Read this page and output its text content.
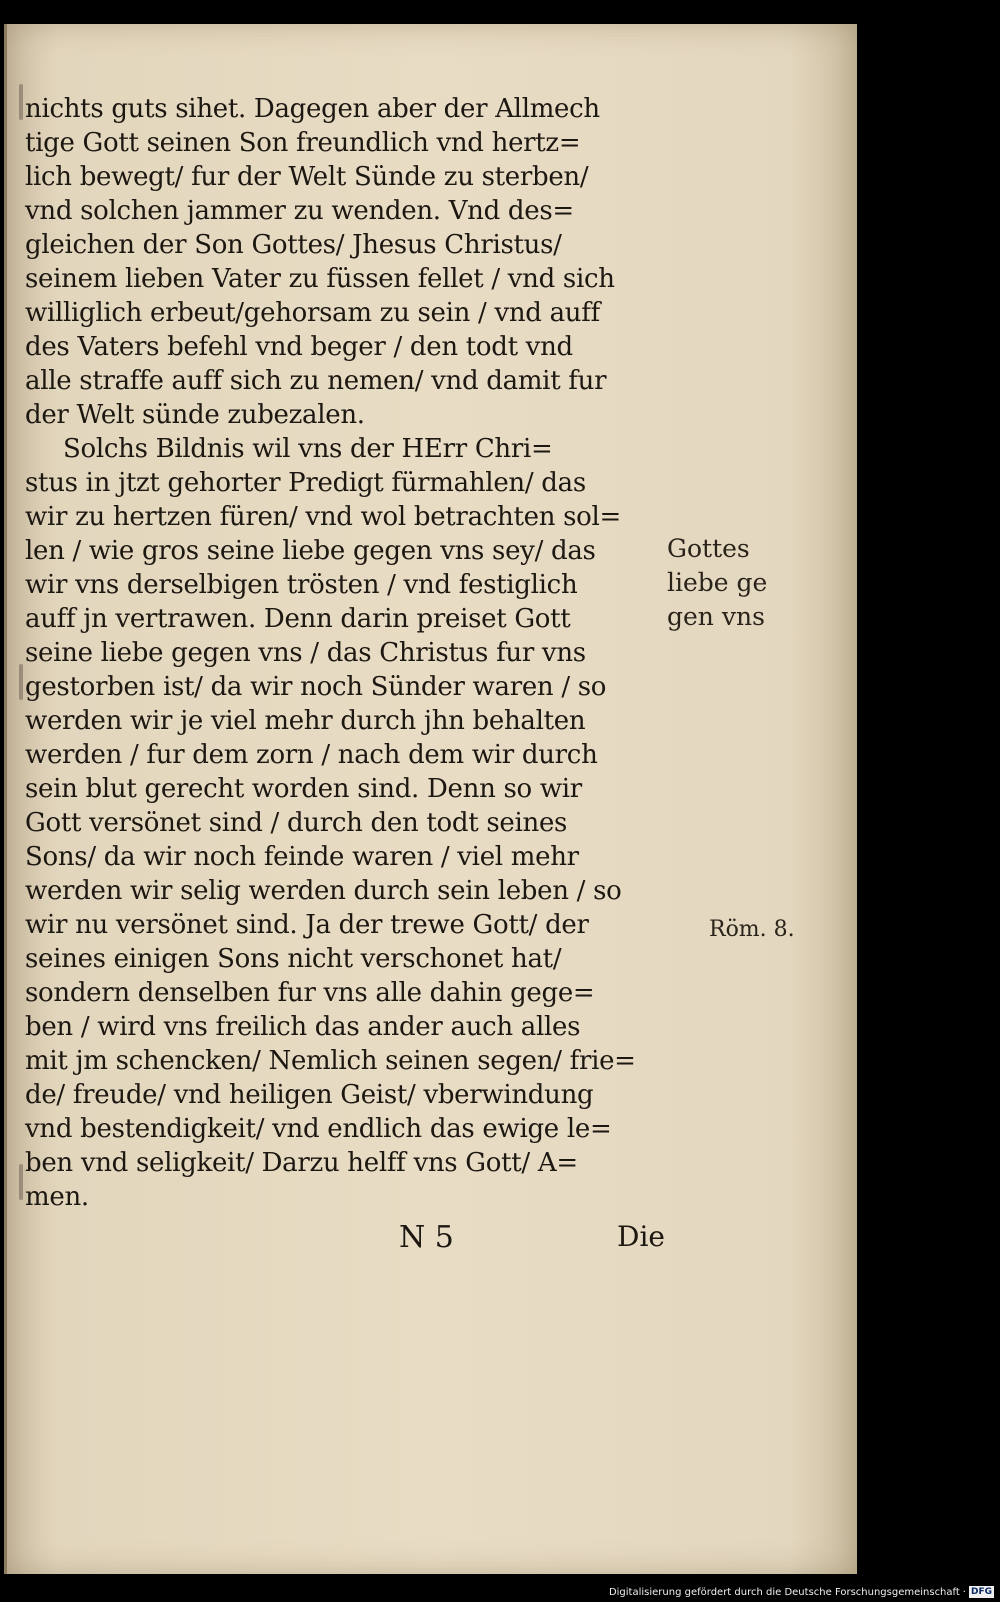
nichts guts sihet. Dagegen aber der Allmech
tige Gott seinen Son freundlich vnd hertz=
lich bewegt/ fur der Welt Sünde zu sterben/
vnd solchen jammer zu wenden. Vnd des=
gleichen der Son Gottes/ Jhesus Christus/
seinem lieben Vater zu füssen fellet / vnd sich
williglich erbeut/gehorsam zu sein / vnd auff
des Vaters befehl vnd beger / den todt vnd
alle straffe auff sich zu nemen/ vnd damit fur
der Welt sünde zubezalen.
Solchs Bildnis wil vns der HErr Chri=
stus in jtzt gehorter Predigt fürmahlen/ das
wir zu hertzen füren/ vnd wol betrachten sol=
len / wie gros seine liebe gegen vns sey/ das
wir vns derselbigen trösten / vnd festiglich
auff jn vertrawen. Denn darin preiset Gott
seine liebe gegen vns / das Christus fur vns
gestorben ist/ da wir noch Sünder waren / so
werden wir je viel mehr durch jhn behalten
werden / fur dem zorn / nach dem wir durch
sein blut gerecht worden sind. Denn so wir
Gott versönet sind / durch den todt seines
Sons/ da wir noch feinde waren / viel mehr
werden wir selig werden durch sein leben / so
wir nu versönet sind. Ja der trewe Gott/ der
seines einigen Sons nicht verschonet hat/
sondern denselben fur vns alle dahin gege=
ben / wird vns freilich das ander auch alles
mit jm schencken/ Nemlich seinen segen/ frie=
de/ freude/ vnd heiligen Geist/ vberwindung
vnd bestendigkeit/ vnd endlich das ewige le=
ben vnd seligkeit/ Darzu helff vns Gott/ A=
men.
Gottes
liebe ge
gen vns
Röm. 8.
N 5	Die
Digitalisierung gefördert durch die Deutsche Forschungsgemeinschaft · DFG
